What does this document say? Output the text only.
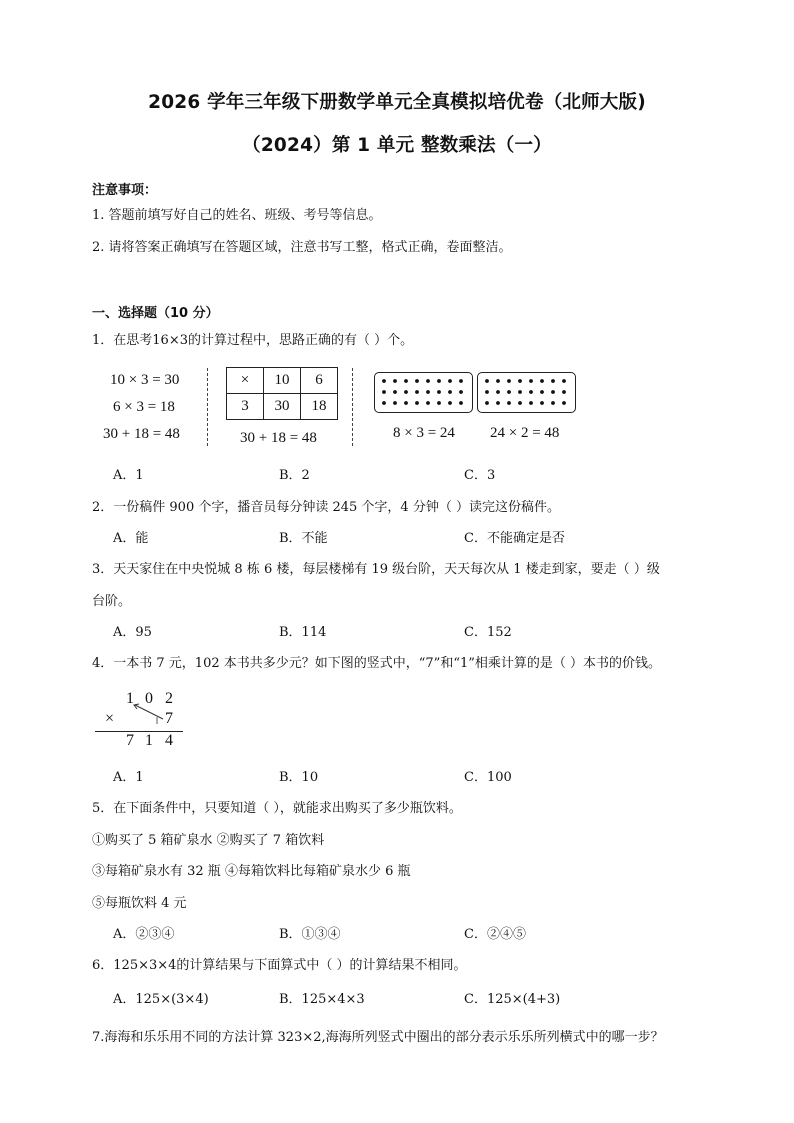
2026 学年三年级下册数学单元全真模拟培优卷（北师大版)
（2024）第 1 单元 整数乘法（一）
注意事项：
1. 答题前填写好自己的姓名、班级、考号等信息。
2. 请将答案正确填写在答题区域，注意书写工整，格式正确，卷面整洁。
一、选择题（10 分）
1．在思考16×3的计算过程中，思路正确的有（ ）个。
10 × 3 = 30
6 × 3 = 18
30 + 18 = 48
×	10	6
3	30	18
30 + 18 = 48	8 × 3 = 24 24 × 2 = 48
A．1	B．2	C．3
2．一份稿件 900 个字，播音员每分钟读 245 个字，4 分钟（ ）读完这份稿件。
A．能	B．不能	C．不能确定是否
3．天天家住在中央悦城 8 栋 6 楼，每层楼梯有 19 级台阶，天天每次从 1 楼走到家，要走（ ）级
台阶。
A．95	B．114	C．152
4．一本书 7 元，102 本书共多少元？如下图的竖式中，“7”和“1”相乘计算的是（ ）本书的价钱。
1 0 2
×	7
7 1 4
A．1	B．10	C．100
5．在下面条件中，只要知道（ ），就能求出购买了多少瓶饮料。
①购买了 5 箱矿泉水 ②购买了 7 箱饮料
③每箱矿泉水有 32 瓶 ④每箱饮料比每箱矿泉水少 6 瓶
⑤每瓶饮料 4 元
A．②③④	B．①③④	C．②④⑤
6．125×3×4的计算结果与下面算式中（ ）的计算结果不相同。
A．125×(3×4)	B．125×4×3	C．125×(4+3)
7.海海和乐乐用不同的方法计算 323×2,海海所列竖式中圈出的部分表示乐乐所列横式中的哪一步？
